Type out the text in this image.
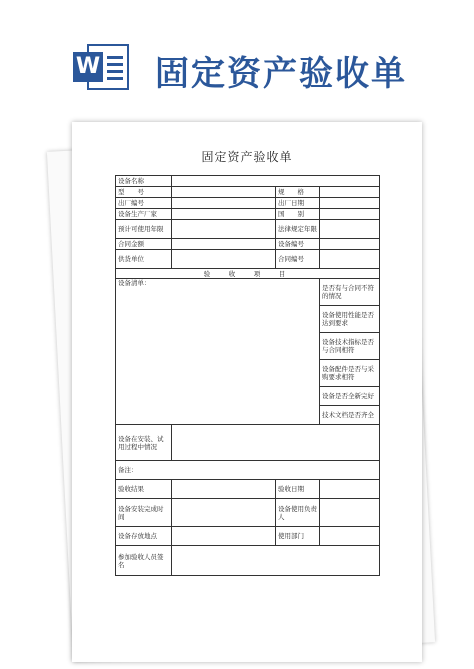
W 固定资产验收单
固定资产验收单
设备名称			
型　　号		规　　格	
出厂编号		出厂日期	
设备生产厂家		国　　别	
预计可使用年限		法律规定年限	
合同金额		设备编号	
供货单位		合同编号	
验　收　项　目			
设备清单：			是否有与合同不符的情况
			设备使用性能是否达到要求
			设备技术指标是否与合同相符
			设备配件是否与采购要求相符
			设备是否全新完好
			技术文档是否齐全
设备在安装、试用过程中情况			
备注：			
验收结果		验收日期	
设备安装完成时间		设备使用负责人	
设备存放地点		使用部门	
参加验收人员签名			
